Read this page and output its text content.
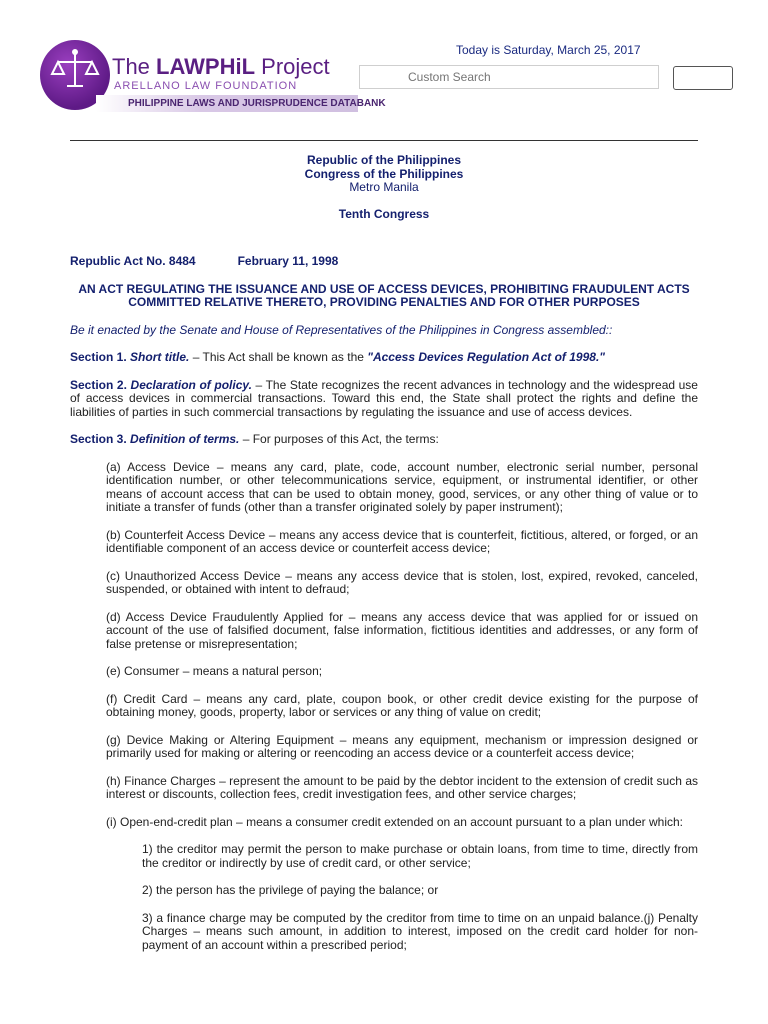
The LAWPHiL Project
ARELLANO LAW FOUNDATION
PHILIPPINE LAWS AND JURISPRUDENCE DATABANK
Today is Saturday, March 25, 2017
Custom Search
Republic of the Philippines
Congress of the Philippines
Metro Manila
Tenth Congress
Republic Act No. 8484	February 11, 1998
AN ACT REGULATING THE ISSUANCE AND USE OF ACCESS DEVICES, PROHIBITING FRAUDULENT ACTS COMMITTED RELATIVE THERETO, PROVIDING PENALTIES AND FOR OTHER PURPOSES
Be it enacted by the Senate and House of Representatives of the Philippines in Congress assembled::
Section 1. Short title. – This Act shall be known as the "Access Devices Regulation Act of 1998."
Section 2. Declaration of policy. – The State recognizes the recent advances in technology and the widespread use of access devices in commercial transactions. Toward this end, the State shall protect the rights and define the liabilities of parties in such commercial transactions by regulating the issuance and use of access devices.
Section 3. Definition of terms. – For purposes of this Act, the terms:
(a) Access Device – means any card, plate, code, account number, electronic serial number, personal identification number, or other telecommunications service, equipment, or instrumental identifier, or other means of account access that can be used to obtain money, good, services, or any other thing of value or to initiate a transfer of funds (other than a transfer originated solely by paper instrument);
(b) Counterfeit Access Device – means any access device that is counterfeit, fictitious, altered, or forged, or an identifiable component of an access device or counterfeit access device;
(c) Unauthorized Access Device – means any access device that is stolen, lost, expired, revoked, canceled, suspended, or obtained with intent to defraud;
(d) Access Device Fraudulently Applied for – means any access device that was applied for or issued on account of the use of falsified document, false information, fictitious identities and addresses, or any form of false pretense or misrepresentation;
(e) Consumer – means a natural person;
(f) Credit Card – means any card, plate, coupon book, or other credit device existing for the purpose of obtaining money, goods, property, labor or services or any thing of value on credit;
(g) Device Making or Altering Equipment – means any equipment, mechanism or impression designed or primarily used for making or altering or reencoding an access device or a counterfeit access device;
(h) Finance Charges – represent the amount to be paid by the debtor incident to the extension of credit such as interest or discounts, collection fees, credit investigation fees, and other service charges;
(i) Open-end-credit plan – means a consumer credit extended on an account pursuant to a plan under which:
1) the creditor may permit the person to make purchase or obtain loans, from time to time, directly from the creditor or indirectly by use of credit card, or other service;
2) the person has the privilege of paying the balance; or
3) a finance charge may be computed by the creditor from time to time on an unpaid balance.(j) Penalty Charges – means such amount, in addition to interest, imposed on the credit card holder for non-payment of an account within a prescribed period;
